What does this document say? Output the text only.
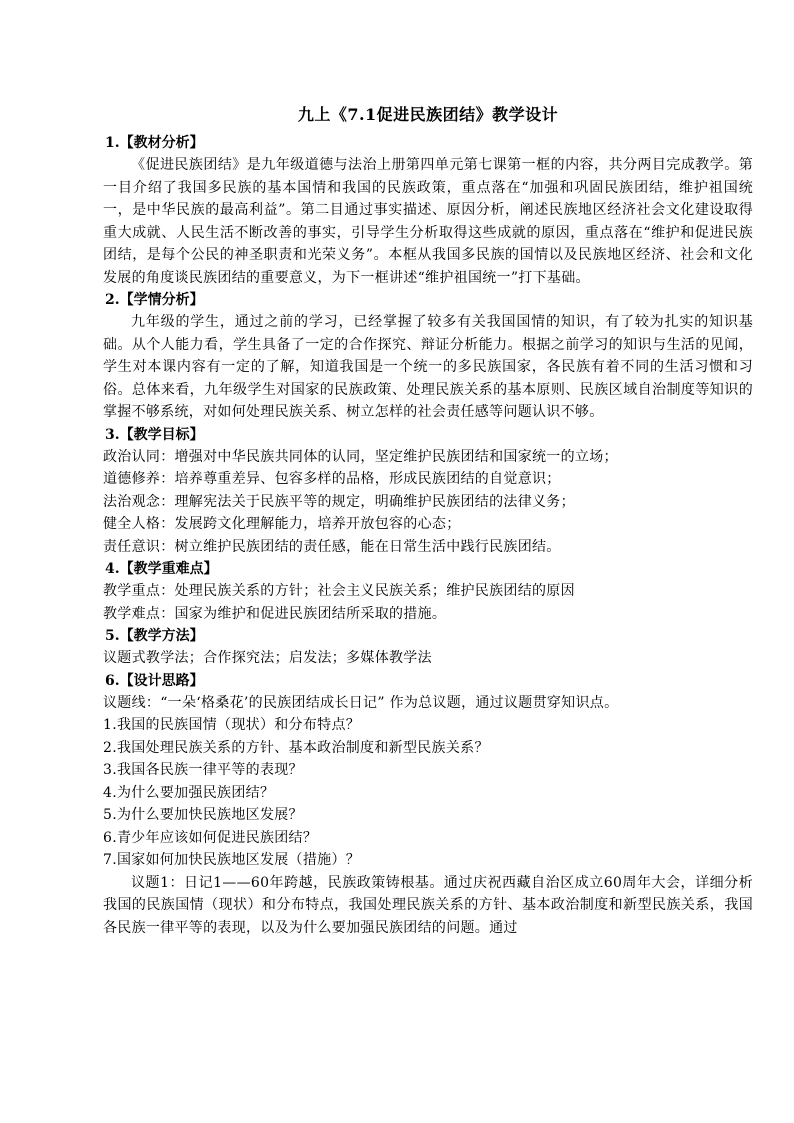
九上《7.1促进民族团结》教学设计

1.【教材分析】

《促进民族团结》是九年级道德与法治上册第四单元第七课第一框的内容，共分两目完成教学。第一目介绍了我国多民族的基本国情和我国的民族政策，重点落在“加强和巩固民族团结，维护祖国统一，是中华民族的最高利益”。第二目通过事实描述、原因分析，阐述民族地区经济社会文化建设取得重大成就、人民生活不断改善的事实，引导学生分析取得这些成就的原因，重点落在“维护和促进民族团结，是每个公民的神圣职责和光荣义务”。本框从我国多民族的国情以及民族地区经济、社会和文化发展的角度谈民族团结的重要意义，为下一框讲述“维护祖国统一”打下基础。

2.【学情分析】

九年级的学生，通过之前的学习，已经掌握了较多有关我国国情的知识，有了较为扎实的知识基础。从个人能力看，学生具备了一定的合作探究、辩证分析能力。根据之前学习的知识与生活的见闻，学生对本课内容有一定的了解，知道我国是一个统一的多民族国家，各民族有着不同的生活习惯和习俗。总体来看，九年级学生对国家的民族政策、处理民族关系的基本原则、民族区域自治制度等知识的掌握不够系统，对如何处理民族关系、树立怎样的社会责任感等问题认识不够。

3.【教学目标】

政治认同：增强对中华民族共同体的认同，坚定维护民族团结和国家统一的立场；

道德修养：培养尊重差异、包容多样的品格，形成民族团结的自觉意识；

法治观念：理解宪法关于民族平等的规定，明确维护民族团结的法律义务；

健全人格：发展跨文化理解能力，培养开放包容的心态；

责任意识：树立维护民族团结的责任感，能在日常生活中践行民族团结。

4.【教学重难点】

教学重点：处理民族关系的方针；社会主义民族关系；维护民族团结的原因

教学难点：国家为维护和促进民族团结所采取的措施。

5.【教学方法】

议题式教学法；合作探究法；启发法；多媒体教学法

6.【设计思路】

议题线：“一朵‘格桑花’的民族团结成长日记” 作为总议题，通过议题贯穿知识点。

1.我国的民族国情（现状）和分布特点？

2.我国处理民族关系的方针、基本政治制度和新型民族关系？

3.我国各民族一律平等的表现？

4.为什么要加强民族团结？

5.为什么要加快民族地区发展？

6.青少年应该如何促进民族团结？

7.国家如何加快民族地区发展（措施）？

议题1：日记1——60年跨越，民族政策铸根基。通过庆祝西藏自治区成立60周年大会，详细分析我国的民族国情（现状）和分布特点，我国处理民族关系的方针、基本政治制度和新型民族关系，我国各民族一律平等的表现，以及为什么要加强民族团结的问题。通过
